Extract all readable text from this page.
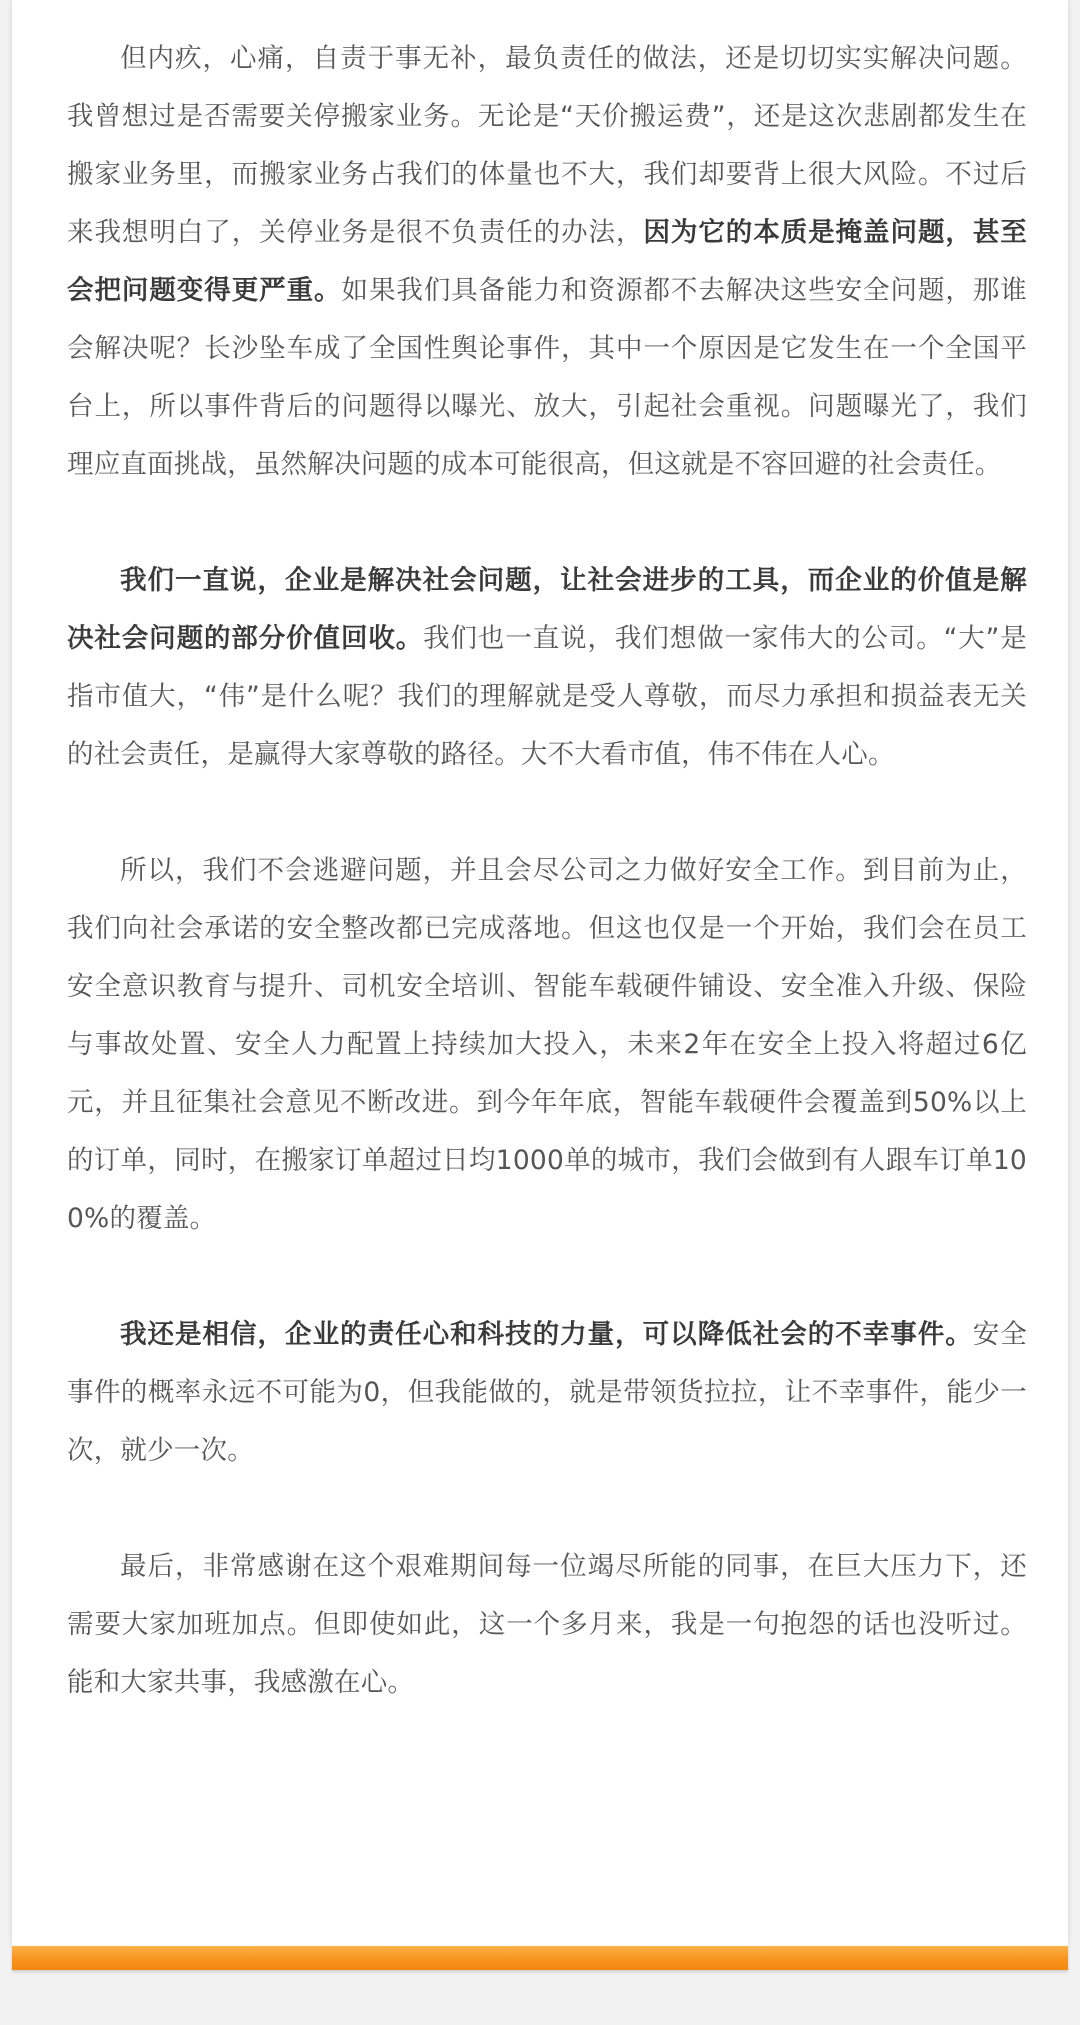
但内疚，心痛，自责于事无补，最负责任的做法，还是切切实实解决问题。我曾想过是否需要关停搬家业务。无论是“天价搬运费”，还是这次悲剧都发生在搬家业务里，而搬家业务占我们的体量也不大，我们却要背上很大风险。不过后来我想明白了，关停业务是很不负责任的办法，因为它的本质是掩盖问题，甚至会把问题变得更严重。如果我们具备能力和资源都不去解决这些安全问题，那谁会解决呢？长沙坠车成了全国性舆论事件，其中一个原因是它发生在一个全国平台上，所以事件背后的问题得以曝光、放大，引起社会重视。问题曝光了，我们理应直面挑战，虽然解决问题的成本可能很高，但这就是不容回避的社会责任。

我们一直说，企业是解决社会问题，让社会进步的工具，而企业的价值是解决社会问题的部分价值回收。我们也一直说，我们想做一家伟大的公司。“大”是指市值大，“伟”是什么呢？我们的理解就是受人尊敬，而尽力承担和损益表无关的社会责任，是赢得大家尊敬的路径。大不大看市值，伟不伟在人心。

所以，我们不会逃避问题，并且会尽公司之力做好安全工作。到目前为止，我们向社会承诺的安全整改都已完成落地。但这也仅是一个开始，我们会在员工安全意识教育与提升、司机安全培训、智能车载硬件铺设、安全准入升级、保险与事故处置、安全人力配置上持续加大投入，未来2年在安全上投入将超过6亿元，并且征集社会意见不断改进。到今年年底，智能车载硬件会覆盖到50%以上的订单，同时，在搬家订单超过日均1000单的城市，我们会做到有人跟车订单100%的覆盖。

我还是相信，企业的责任心和科技的力量，可以降低社会的不幸事件。安全事件的概率永远不可能为0，但我能做的，就是带领货拉拉，让不幸事件，能少一次，就少一次。

最后，非常感谢在这个艰难期间每一位竭尽所能的同事，在巨大压力下，还需要大家加班加点。但即使如此，这一个多月来，我是一句抱怨的话也没听过。能和大家共事，我感激在心。
